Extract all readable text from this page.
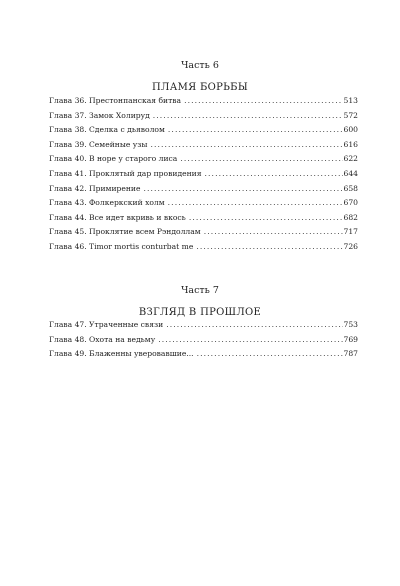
Часть 6

ПЛАМЯ БОРЬБЫ

Глава 36. Престонпанская битва .....	513
Глава 37. Замок Холируд .....	572
Глава 38. Сделка с дьяволом .....	600
Глава 39. Семейные узы .....	616
Глава 40. В норе у старого лиса .....	622
Глава 41. Проклятый дар провидения .....	644
Глава 42. Примирение .....	658
Глава 43. Фолкеркский холм .....	670
Глава 44. Все идет вкривь и вкось .....	682
Глава 45. Проклятие всем Рэндоллам .....	717
Глава 46. Timor mortis conturbat me .....	726

Часть 7

ВЗГЛЯД В ПРОШЛОЕ

Глава 47. Утраченные связи .....	753
Глава 48. Охота на ведьму .....	769
Глава 49. Блаженны уверовавшие... .....	787
